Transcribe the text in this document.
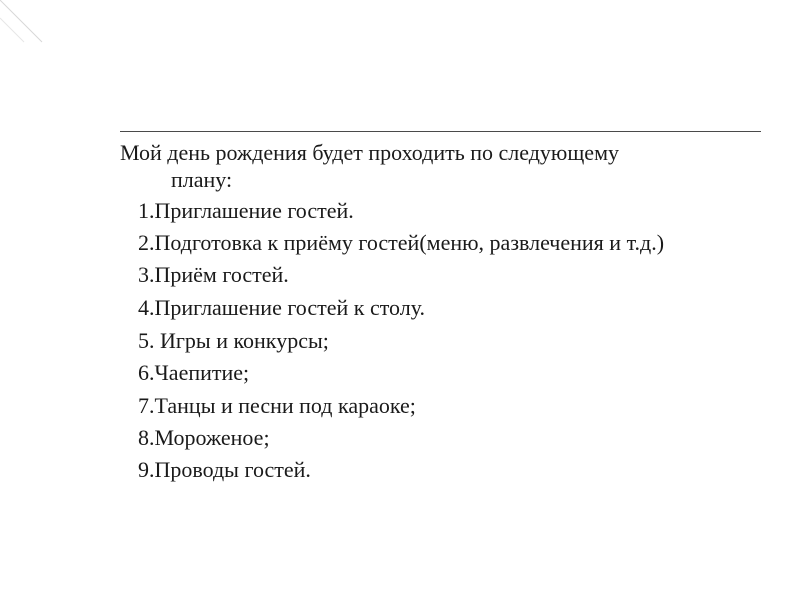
Мой день рождения будет проходить по следующему
плану:

1.Приглашение гостей.
2.Подготовка к приёму гостей(меню, развлечения и т.д.)
3.Приём гостей.
4.Приглашение гостей к столу.
5. Игры и конкурсы;
6.Чаепитие;
7.Танцы и песни под караоке;
8.Мороженое;
9.Проводы гостей.
